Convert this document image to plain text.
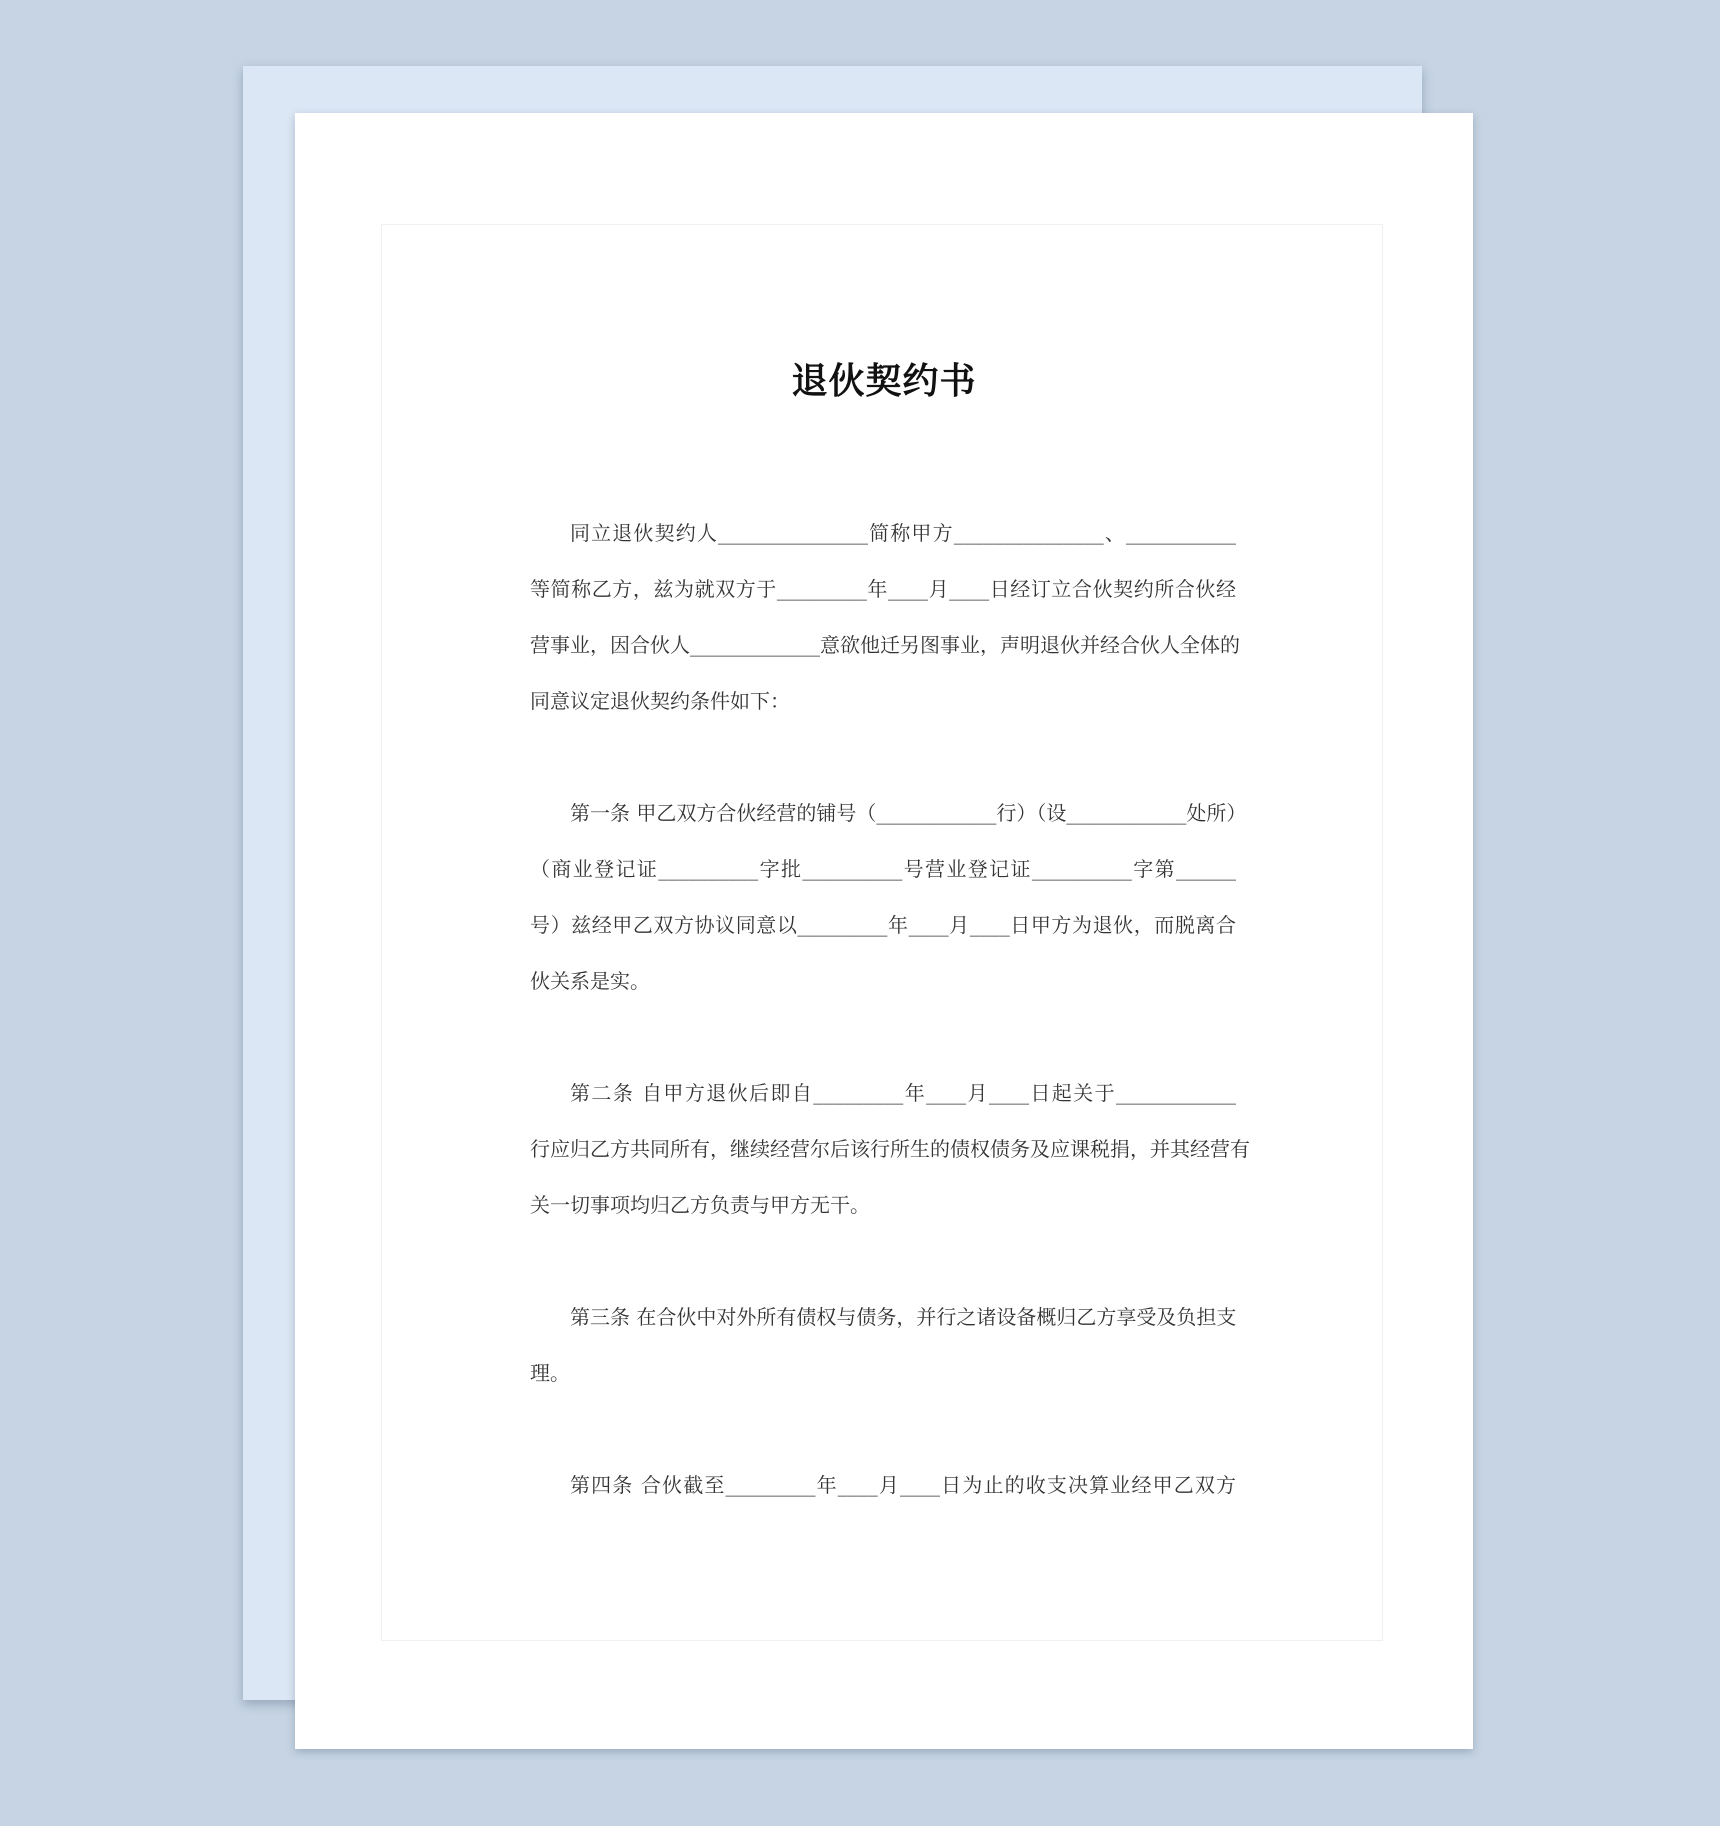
退伙契约书
同立退伙契约人_______________简称甲方_______________、___________
等简称乙方，兹为就双方于_________年____月____日经订立合伙契约所合伙经
营事业，因合伙人_____________意欲他迁另图事业，声明退伙并经合伙人全体的
同意议定退伙契约条件如下：
第一条 甲乙双方合伙经营的铺号（____________行）（设____________处所）
（商业登记证__________字批__________号营业登记证__________字第______
号）兹经甲乙双方协议同意以_________年____月____日甲方为退伙，而脱离合
伙关系是实。
第二条 自甲方退伙后即自_________年____月____日起关于____________
行应归乙方共同所有，继续经营尔后该行所生的债权债务及应课税捐，并其经营有
关一切事项均归乙方负责与甲方无干。
第三条 在合伙中对外所有债权与债务，并行之诸设备概归乙方享受及负担支
理。
第四条 合伙截至_________年____月____日为止的收支决算业经甲乙双方
